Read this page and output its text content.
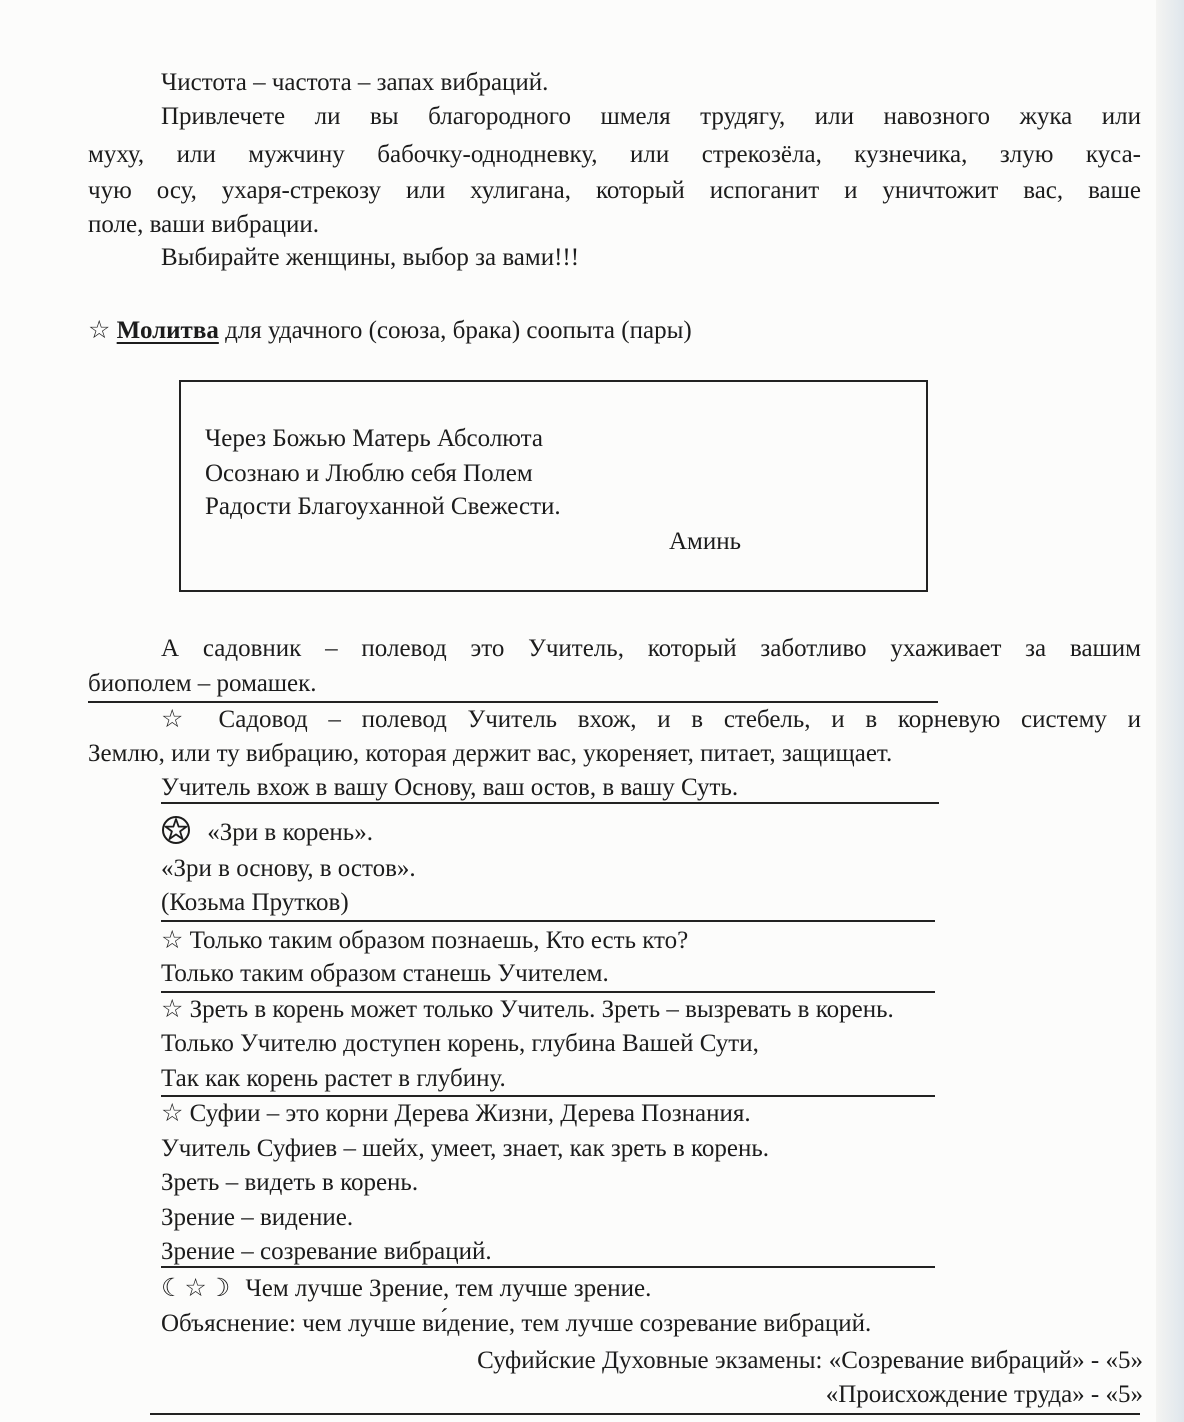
Чистота – частота – запах вибраций.
Привлечете ли вы благородного шмеля трудягу, или навозного жука или
муху, или мужчину бабочку-однодневку, или стрекозёла, кузнечика, злую куса-
чую осу, ухаря-стрекозу или хулигана, который испоганит и уничтожит вас, ваше
поле, ваши вибрации.
Выбирайте женщины, выбор за вами!!!
☆ Молитва для удачного (союза, брака) соопыта (пары)
Через Божью Матерь Абсолюта
Осознаю и Люблю себя Полем
Радости Благоуханной Свежести.
Аминь
А садовник – полевод это Учитель, который заботливо ухаживает за вашим
биополем – ромашек.
☆ Садовод – полевод Учитель вхож, и в стебель, и в корневую систему и
Землю, или ту вибрацию, которая держит вас, укореняет, питает, защищает.
Учитель вхож в вашу Основу, ваш остов, в вашу Суть.
«Зри в корень».
«Зри в основу, в остов».
(Козьма Прутков)
☆ Только таким образом познаешь, Кто есть кто?
Только таким образом станешь Учителем.
☆ Зреть в корень может только Учитель. Зреть – вызревать в корень.
Только Учителю доступен корень, глубина Вашей Сути,
Так как корень растет в глубину.
☆ Суфии – это корни Дерева Жизни, Дерева Познания.
Учитель Суфиев – шейх, умеет, знает, как зреть в корень.
Зреть – видеть в корень.
Зрение – видение.
Зрение – созревание вибраций.
☾☆☽ Чем лучше Зрение, тем лучше зрение.
Объяснение: чем лучше ви́дение, тем лучше созревание вибраций.
Суфийские Духовные экзамены: «Созревание вибраций» - «5»
«Происхождение труда» - «5»
